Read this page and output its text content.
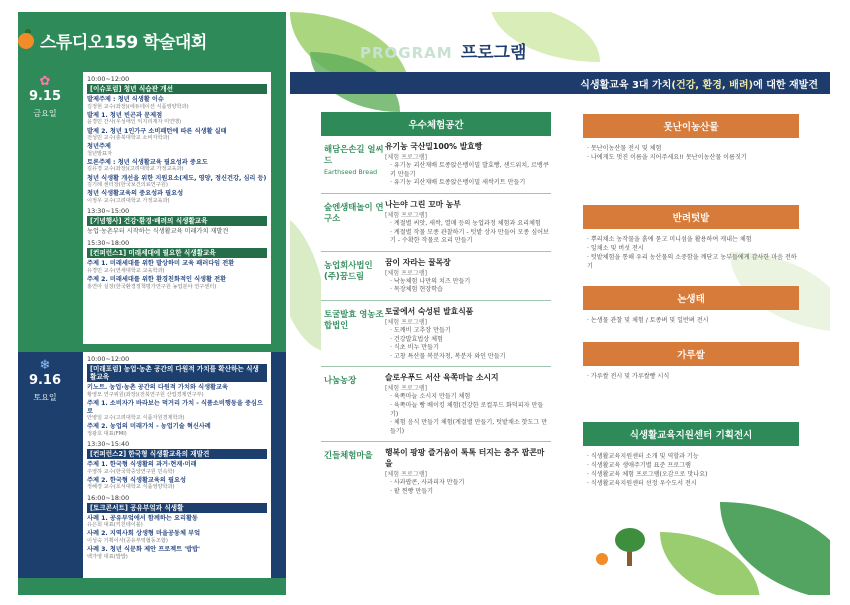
스튜디오159 학술대회
✿
9.15
금요일
10:00~12:00
[이슈포럼] 청년 식습관 개선
발제주제 : 청년 식생활 이슈
김정현 교수(좌장)(에듀테이션 식품영양학과)
발제 1. 청년 빈곤과 문제점
윤경민 간사(우성애인 익지리재자 미연맹)
발제 2. 청년 1인가구 소비패턴에 따른 식생활 실태
전성민 교수(충북대학교 소비자학과)
청년주제
청년발표자
토론주제 : 청년 식생활교육 필요성과 중요도
김유경 교수(좌장)(고려대학교 가정교육과)
청년 식생활 개선을 위한 지원요소(제도, 영양, 정신건강, 심리 등)
김기례 센터장(한국보건의료연구원)
청년 식생활교육의 중요성과 필요성
이정우 교수(고려대학교 가정교육과)
13:30~15:00
[기념행사] 건강·환경·배려의 식생활교육
농업·농촌부터 시작하는 식생활교육 미래가치 재발견
15:30~18:00
[컨퍼런스1] 미래세대에 필요한 식생활교육
주제 1. 미래세대를 위한 발상하미 교육 패러다임 전환
유경민 교수(연세대학교 교육학과)
주제 2. 미래세대를 위한 환경친화적인 식생활 전환
홍연아 실장(한국환경정책평가연구원 농업분야 연구센터)
❄
9.16
토요일
10:00~12:00
[미래포럼] 농업·농촌 공간의 다원적 가치를 확산하는 식생활교육
키노트. 농업·농촌 공간의 다원적 가치와 식생활교육
황영모 연구위원(좌장)(전북연구원 산업경제연구부)
주제 1. 소비자가 바라보는 먹거리 가치 - 식품소비행동을 중심으로
안병일 교수(고려대학교 식품자원경제학과)
주제 2. 농업의 미래가치 - 농업기술 혁신사례
정광호 대표(FMI)
13:30~15:40
[컨퍼런스2] 한국형 식생활교육의 재발견
주제 1. 한국형 식생활의 과거·현재·미래
주영하 교수(한국학중앙연구원 민속학)
주제 2. 한국형 식생활교육의 필요성
정혜경 교수(호서대학교 식품영양학과)
16:00~18:00
[토크콘서트] 공유부엌과 식생활
사례 1. 공유부엌에서 함께하는 요리활동
유은희 대표(키친테이블)
사례 2. 지역사회 상생형 마을공동체 부엌
이성숙 기획이사(공유부엌협동조합)
사례 3. 청년 식문화 제안 프로젝트 '밥밥'
백가영 대표(밥밥)
PROGRAM 프로그램
식생활교육 3대 가치(건강, 환경, 배려)에 대한 재발견
우수체험공간
해담은손길 얼씨드
Earthseed Bread
유기농 국산밀100% 발효빵
[체험 프로그램]
· 유기농 괴산재배 토종앉은뱅이밀 발효빵, 샌드위치, 르뱅쿠키 만들기
· 유기농 괴산재배 토종앉은뱅이밀 새싹키트 만들기
숲엔생태놀이 연구소
나는야 그린 꼬마 농부
[체험 프로그램]
· 계절별 씨앗, 새싹, 열매 등의 농업과정 체험과 요리체험
· 계절별 작물 모종 관찰하기 - 텃밭 상자 만들어 모종 심어보기 - 수확한 작물로 요리 만들기
농업회사법인 (주)꿈드림
꿈이 자라는 꿀목장
[체험 프로그램]
· 낙농체험 나만의 치즈 만들기
· 목장체험 현장학습
토굴발효 영농조합법인
토굴에서 숙성된 발효식품
[체험 프로그램]
· 도깨비 고추장 만들기
· 건강발효법상 체험
· 식초 비누 만들기
· 고창 특산물 복분자청, 복분자 와인 만들기
나눔농장	슬로우푸드 서산 육쪽마늘 소시지
[체험 프로그램]
· 육쪽마늘 소시지 만들기 체험
· 육쪽마늘 빵 베이킹 체험(건강한 로컬푸드 화덕피자 만들기)
· 체험 음식 만들기 체험(계절별 만들기, 텃밭채소 핫도그 만들기)
긴들체험마을	행복이 팡팡 즐거움이 톡톡 터지는 충주 팝콘마을
[체험 프로그램]
· 사과팝콘, 사과피자 만들기
· 팥 찐빵 만들기
못난이농산물
· 못난이농산물 전시 및 체험
· 나에게도 멋진 이름을 지어주세요!! 못난이농산물 이름짓기
반려텃밭
· 뿌리채소 농작물을 흙에 묻고 미니섬을 활용하여 캐내는 체험
· 잎채소 및 버섯 전시
· 텃밭체험을 통해 우리 농산물의 소중함을 깨닫고 농부들에게 감사한 마음 전하기
논생태
· 논생물 관찰 및 체험 / 토종벼 및 일반벼 전시
가루쌀
· 가루쌀 전시 및 가루쌀빵 시식
식생활교육지원센터 기획전시
· 식생활교육지원센터 소개 및 역할과 기능
· 식생활교육 생애주기별 표준 프로그램
· 식생활교육 체험 프로그램(오감으로 맛나요)
· 식생활교육지원센터 선정 우수도서 전시
